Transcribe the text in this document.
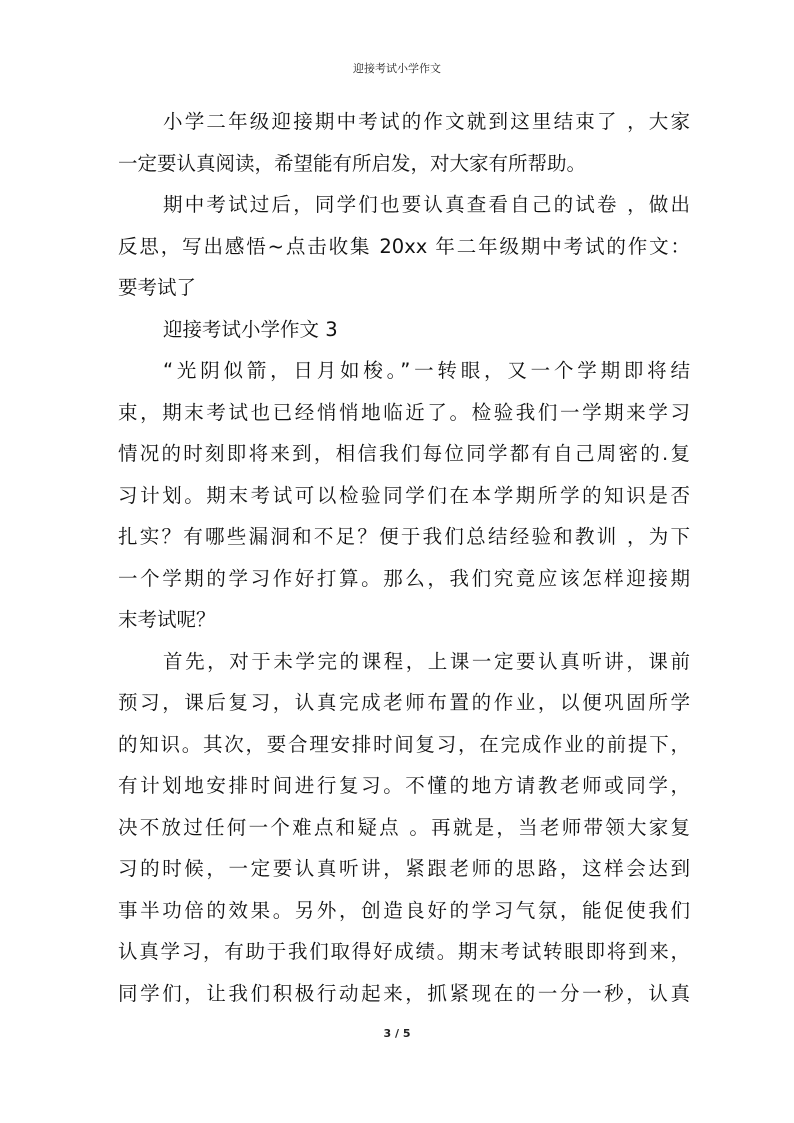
迎接考试小学作文
小学二年级迎接期中考试的作文就到这里结束了 ，大家
一定要认真阅读，希望能有所启发，对大家有所帮助。
期中考试过后，同学们也要认真查看自己的试卷 ，做出
反思，写出感悟~点击收集 20xx 年二年级期中考试的作文：
要考试了
迎接考试小学作文 3
“光阴似箭，日月如梭。”一转眼，又一个学期即将结
束，期末考试也已经悄悄地临近了。检验我们一学期来学习
情况的时刻即将来到，相信我们每位同学都有自己周密的.复
习计划。期末考试可以检验同学们在本学期所学的知识是否
扎实？有哪些漏洞和不足？便于我们总结经验和教训 ，为下
一个学期的学习作好打算。那么，我们究竟应该怎样迎接期
末考试呢？
首先，对于未学完的课程，上课一定要认真听讲，课前
预习，课后复习，认真完成老师布置的作业，以便巩固所学
的知识。其次，要合理安排时间复习，在完成作业的前提下，
有计划地安排时间进行复习。不懂的地方请教老师或同学，
决不放过任何一个难点和疑点 。再就是，当老师带领大家复
习的时候，一定要认真听讲，紧跟老师的思路，这样会达到
事半功倍的效果。另外，创造良好的学习气氛，能促使我们
认真学习，有助于我们取得好成绩。期末考试转眼即将到来，
同学们，让我们积极行动起来，抓紧现在的一分一秒，认真
3 / 5
